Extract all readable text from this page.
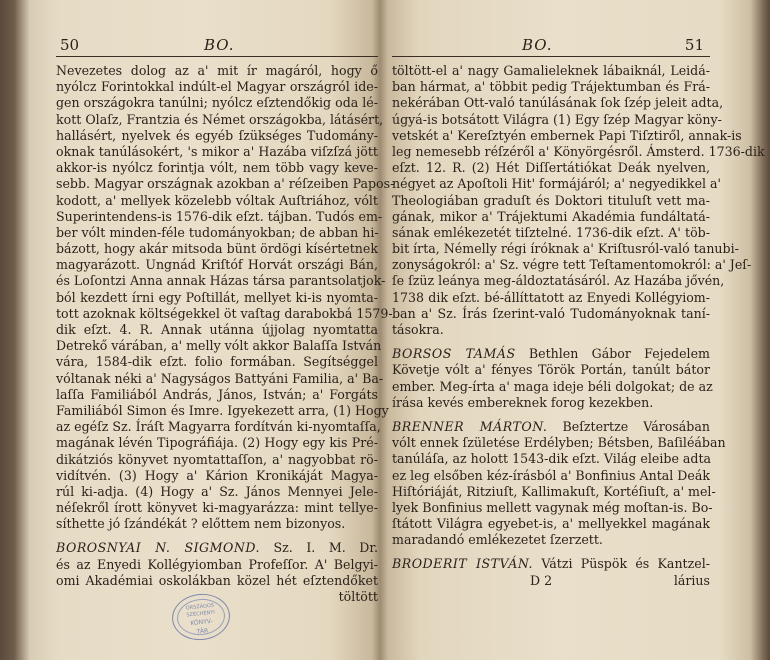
50	BO.
Nevezetes dolog az a' mit ír magáról, hogy ő
nyólcz Forintokkal indúlt-el Magyar országról ide-
gen országokra tanúlni; nyólcz eſztendőkig oda lé-
kott Olaſz, Frantzia és Német országokba, látásért,
hallásért, nyelvek és egyéb ſzükséges Tudomány-
oknak tanúlásokért, 's mikor a' Hazába viſzſzá jött
akkor-is nyólcz forintja vólt, nem több vagy keve-
sebb. Magyar országnak azokban a' réſzeiben Papos-
kodott, a' mellyek közelebb vóltak Auſtriához, vólt
Superintendens-is 1576-dik eſzt. tájban. Tudós em-
ber vólt minden-féle tudományokban; de abban hi-
bázott, hogy akár mitsoda bünt ördögi kísértetnek
magyarázott. Ungnád Kriſtóf Horvát országi Bán,
és Loſontzi Anna annak Házas társa parantsolatjok-
ból kezdett írni egy Poſtillát, mellyet ki-is nyomta-
tott azoknak költségekkel öt vaſtag darabokbá 1579-
dik eſzt. 4. R. Annak utánna újjolag nyomtatta
Detrekő várában, a' melly vólt akkor Balaſſa István
vára, 1584-dik eſzt. folio formában. Segítséggel
vóltanak néki a' Nagyságos Battyáni Familia, a' Ba-
laſſa Familiából András, János, István; a' Forgáts
Familiából Simon és Imre. Igyekezett arra, (1) Hogy
az egéſz Sz. Íráſt Magyarra fordítván ki-nyomtaſſa,
magának lévén Tipográfiája. (2) Hogy egy kis Pré-
dikátziós könyvet nyomtattaſſon, a' nagyobbat rö-
vidítvén. (3) Hogy a' Kárion Kronikáját Magya-
rúl ki-adja. (4) Hogy a' Sz. János Mennyei Jele-
néſekről írott könyvet ki-magyarázza: mint tellye-
síthette jó ſzándékát ? előttem nem bizonyos.
BOROSNYAI N. SIGMOND. Sz. I. M. Dr.
és az Enyedi Kollégyiomban Profeſſor. A' Belgyi-
omi Akadémiai oskolákban közel hét eſztendőket
töltött
BO.	51
töltött-el a' nagy Gamalieleknek lábaiknál, Leidá-
ban hármat, a' többit pedig Trájektumban és Frá-
nekérában Ott-való tanúlásának ſok ſzép jeleit adta,
úgyá-is botsátott Világra (1) Egy ſzép Magyar köny-
vetskét a' Kereſztyén embernek Papi Tiſztiről, annak-is
leg nemesebb réſzéről a' Könyörgésről. Ámsterd. 1736-dik
eſzt. 12. R. (2) Hét Diſſertátiókat Deák nyelven,
négyet az Apoſtoli Hit' formájáról; a' negyedikkel a'
Theologiában graduſt és Doktori tituluſt vett ma-
gának, mikor a' Trájektumi Akadémia fundáltatá-
sának emlékezetét tiſztelné. 1736-dik eſzt. A' töb-
bit írta, Némelly régi íróknak a' Kriſtusról-való tanubi-
zonyságokról: a' Sz. végre tett Teſtamentomokról: a' Jeſ-
ſe ſzüz leánya meg-áldoztatásáról. Az Hazába jővén,
1738 dik eſzt. bé-állíttatott az Enyedi Kollégyiom-
ban a' Sz. Írás ſzerint-való Tudományoknak taní-
tásokra.
BORSOS TAMÁS Bethlen Gábor Fejedelem
Követje vólt a' fényes Török Portán, tanúlt bátor
ember. Meg-írta a' maga ideje béli dolgokat; de az
írása kevés embereknek forog kezekben.
BRENNER MÁRTON. Beſztertze Városában
vólt ennek ſzületése Erdélyben; Bétsben, Baſiléában
tanúláſa, az holott 1543-dik eſzt. Világ eleibe adta
ez leg elsőben kéz-írásból a' Bonfinius Antal Deák
Hiſtóriáját, Ritziuſt, Kallimakuſt, Kortéſiuſt, a' mel-
lyek Bonfinius mellett vagynak még moſtan-is. Bo-
ſtátott Világra egyebet-is, a' mellyekkel magának
maradandó emlékezetet ſzerzett.
BRODERIT ISTVÁN. Vátzi Püspök és Kantzel-
D 2	lárius
ORSZÁGOS SZÉCHÉNYI
KÖNYV-
TÁR
